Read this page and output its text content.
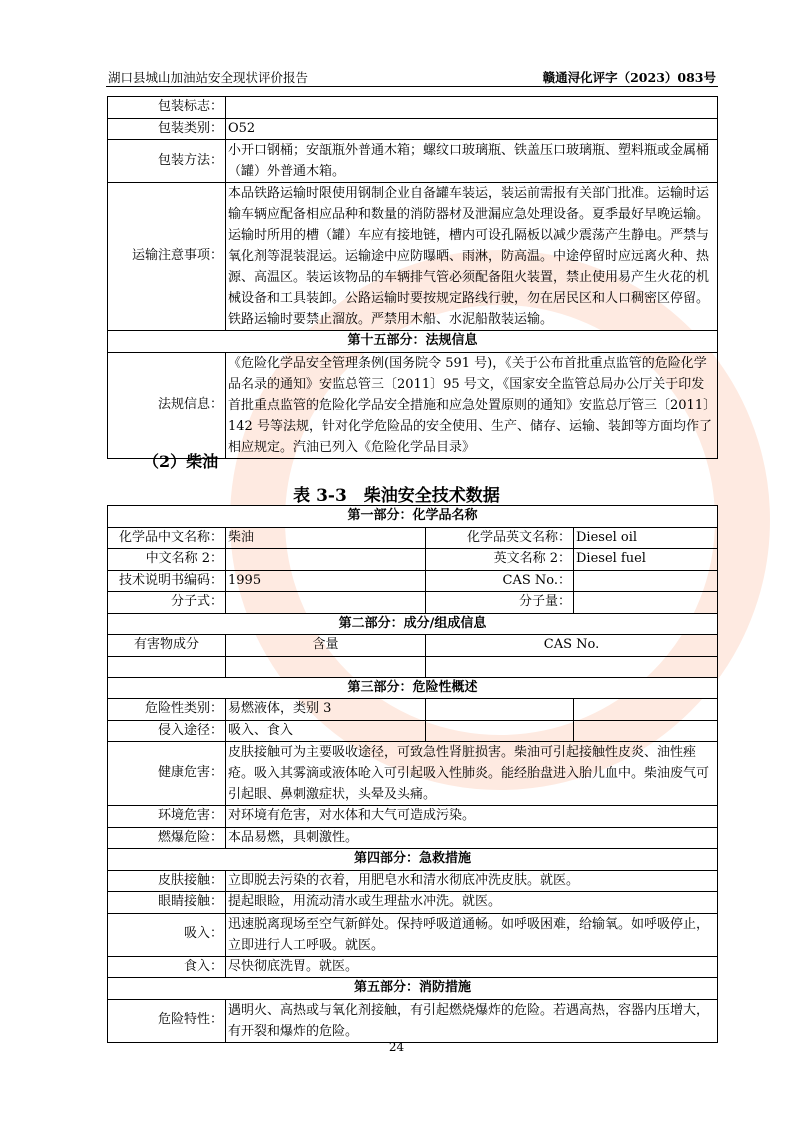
湖口县城山加油站安全现状评价报告	赣通浔化评字（2023）083号
包装标志：	
包装类别：	O52
包装方法：	小开口钢桶；安瓿瓶外普通木箱；螺纹口玻璃瓶、铁盖压口玻璃瓶、塑料瓶或金属桶（罐）外普通木箱。
运输注意事项：	本品铁路运输时限使用钢制企业自备罐车装运，装运前需报有关部门批准。运输时运输车辆应配备相应品种和数量的消防器材及泄漏应急处理设备。夏季最好早晚运输。运输时所用的槽（罐）车应有接地链，槽内可设孔隔板以减少震荡产生静电。严禁与氧化剂等混装混运。运输途中应防曝晒、雨淋，防高温。中途停留时应远离火种、热源、高温区。装运该物品的车辆排气管必须配备阻火装置，禁止使用易产生火花的机械设备和工具装卸。公路运输时要按规定路线行驶，勿在居民区和人口稠密区停留。铁路运输时要禁止溜放。严禁用木船、水泥船散装运输。
第十五部分：法规信息	
法规信息：	《危险化学品安全管理条例(国务院令 591 号)，《关于公布首批重点监管的危险化学品名录的通知》安监总管三〔2011〕95 号文，《国家安全监管总局办公厅关于印发首批重点监管的危险化学品安全措施和应急处置原则的通知》安监总厅管三〔2011〕142 号等法规，针对化学危险品的安全使用、生产、储存、运输、装卸等方面均作了相应规定。汽油已列入《危险化学品目录》
（2）柴油
表 3-3　柴油安全技术数据
第一部分：化学品名称			
化学品中文名称：	柴油	化学品英文名称：	Diesel oil
中文名称 2：		英文名称 2：	Diesel fuel
技术说明书编码：	1995	CAS No.：	
分子式：		分子量：	
第二部分：成分/组成信息			
有害物成分	含量	CAS No.	

第三部分：危险性概述			
危险性类别：	易燃液体，类别 3		
侵入途径：	吸入、食入		
健康危害：	皮肤接触可为主要吸收途径，可致急性肾脏损害。柴油可引起接触性皮炎、油性痤疮。吸入其雾滴或液体呛入可引起吸入性肺炎。能经胎盘进入胎儿血中。柴油废气可引起眼、鼻刺激症状，头晕及头痛。		
环境危害：	对环境有危害，对水体和大气可造成污染。		
燃爆危险：	本品易燃，具刺激性。		
第四部分：急救措施			
皮肤接触：	立即脱去污染的衣着，用肥皂水和清水彻底冲洗皮肤。就医。		
眼睛接触：	提起眼睑，用流动清水或生理盐水冲洗。就医。		
吸入：	迅速脱离现场至空气新鲜处。保持呼吸道通畅。如呼吸困难，给输氧。如呼吸停止，立即进行人工呼吸。就医。		
食入：	尽快彻底洗胃。就医。		
第五部分：消防措施			
危险特性：	遇明火、高热或与氧化剂接触，有引起燃烧爆炸的危险。若遇高热，容器内压增大，有开裂和爆炸的危险。		
24
